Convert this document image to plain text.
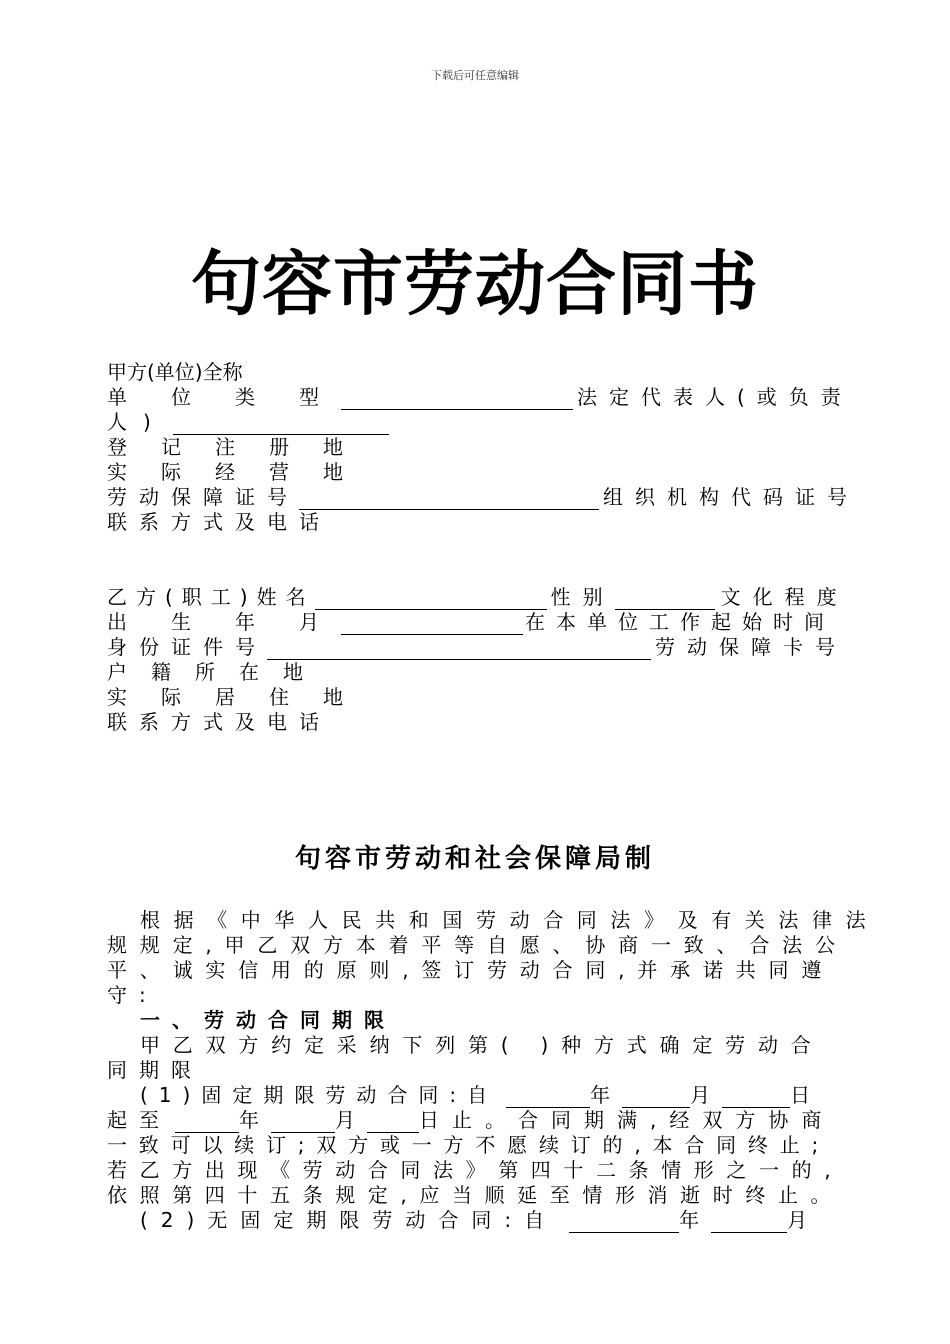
下载后可任意编辑
句容市劳动合同书
甲方(单位)全称
单位类型	法定代表人(或负责
人)
登记注册地
实际经营地
劳动保障证号	组织机构代码证号
联系方式及电话
乙方(职工)姓名	性别	文化程度
出生年月	在本单位工作起始时间
身份证件号	劳动保障卡号
户籍所在地
实际居住地
联系方式及电话
句容市劳动和社会保障局制
根据《中华人民共和国劳动合同法》及有关法律法
规规定,甲乙双方本着平等自愿、协商一致、合法公
平、诚实信用的原则,签订劳动合同,并承诺共同遵
守:
一、劳动合同期限
甲乙双方约定采纳下列第( )种方式确定劳动合
同期限
(1)固定期限劳动合同:自	年	月	日
起至	年	月	日止。合同期满,经双方协商
一致可以续订;双方或一方不愿续订的,本合同终止;
若乙方出现《劳动合同法》第四十二条情形之一的,
依照第四十五条规定,应当顺延至情形消逝时终止。
(2)无固定期限劳动合同:自	年	月
